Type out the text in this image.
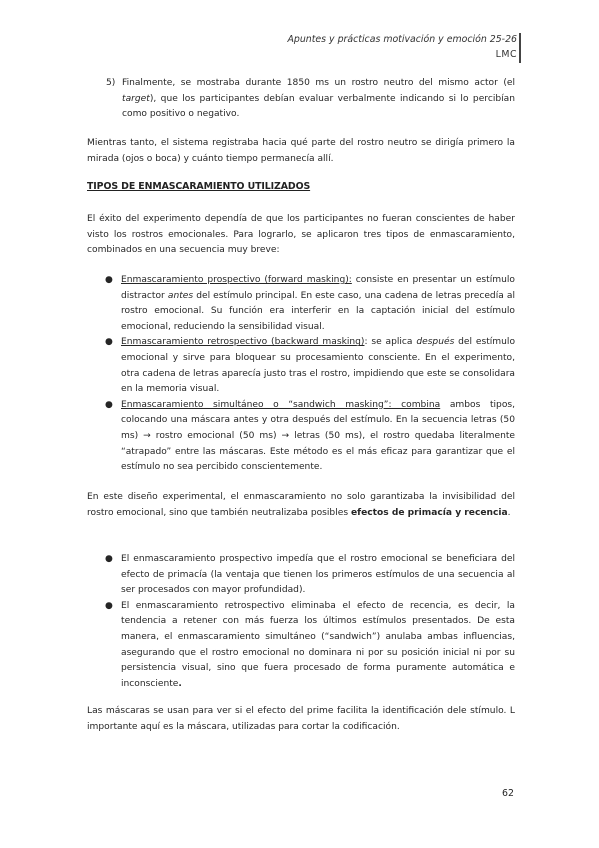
Apuntes y prácticas motivación y emoción 25-26
LMC
5) Finalmente, se mostraba durante 1850 ms un rostro neutro del mismo actor (el target), que los participantes debían evaluar verbalmente indicando si lo percibían como positivo o negativo.

Mientras tanto, el sistema registraba hacia qué parte del rostro neutro se dirigía primero la mirada (ojos o boca) y cuánto tiempo permanecía allí.

TIPOS DE ENMASCARAMIENTO UTILIZADOS

El éxito del experimento dependía de que los participantes no fueran conscientes de haber visto los rostros emocionales. Para lograrlo, se aplicaron tres tipos de enmascaramiento, combinados en una secuencia muy breve:

● Enmascaramiento prospectivo (forward masking): consiste en presentar un estímulo distractor antes del estímulo principal. En este caso, una cadena de letras precedía al rostro emocional. Su función era interferir en la captación inicial del estímulo emocional, reduciendo la sensibilidad visual.
● Enmascaramiento retrospectivo (backward masking): se aplica después del estímulo emocional y sirve para bloquear su procesamiento consciente. En el experimento, otra cadena de letras aparecía justo tras el rostro, impidiendo que este se consolidara en la memoria visual.
● Enmascaramiento simultáneo o “sandwich masking”: combina ambos tipos, colocando una máscara antes y otra después del estímulo. En la secuencia letras (50 ms) → rostro emocional (50 ms) → letras (50 ms), el rostro quedaba literalmente “atrapado” entre las máscaras. Este método es el más eficaz para garantizar que el estímulo no sea percibido conscientemente.

En este diseño experimental, el enmascaramiento no solo garantizaba la invisibilidad del rostro emocional, sino que también neutralizaba posibles efectos de primacía y recencia.

● El enmascaramiento prospectivo impedía que el rostro emocional se beneficiara del efecto de primacía (la ventaja que tienen los primeros estímulos de una secuencia al ser procesados con mayor profundidad).
● El enmascaramiento retrospectivo eliminaba el efecto de recencia, es decir, la tendencia a retener con más fuerza los últimos estímulos presentados. De esta manera, el enmascaramiento simultáneo (“sandwich”) anulaba ambas influencias, asegurando que el rostro emocional no dominara ni por su posición inicial ni por su persistencia visual, sino que fuera procesado de forma puramente automática e inconsciente.

Las máscaras se usan para ver si el efecto del prime facilita la identificación dele stímulo. L importante aquí es la máscara, utilizadas para cortar la codificación.

62
